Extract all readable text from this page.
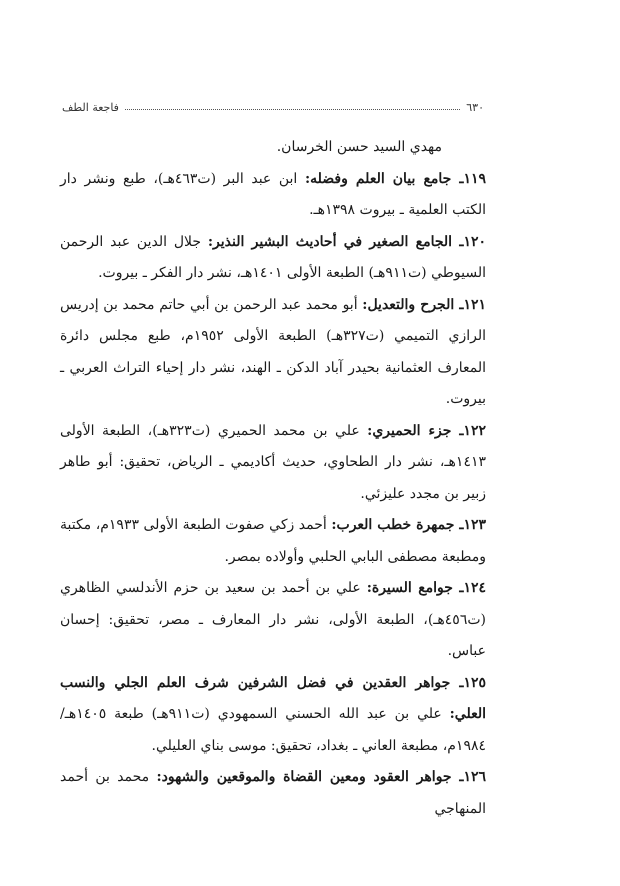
٦٣٠
فاجعة الطف

مهدي السيد حسن الخرسان.

١١٩ـ جامع بيان العلم وفضله: ابن عبد البر (ت٤٦٣هـ)، طبع ونشر دار الكتب العلمية ـ بيروت ١٣٩٨هـ.

١٢٠ـ الجامع الصغير في أحاديث البشير النذير: جلال الدين عبد الرحمن السيوطي (ت٩١١هـ) الطبعة الأولى ١٤٠١هـ، نشر دار الفكر ـ بيروت.

١٢١ـ الجرح والتعديل: أبو محمد عبد الرحمن بن أبي حاتم محمد بن إدريس الرازي التميمي (ت٣٢٧هـ) الطبعة الأولى ١٩٥٢م، طبع مجلس دائرة المعارف العثمانية بحيدر آباد الدكن ـ الهند، نشر دار إحياء التراث العربي ـ بيروت.

١٢٢ـ جزء الحميري: علي بن محمد الحميري (ت٣٢٣هـ)، الطبعة الأولى ١٤١٣هـ، نشر دار الطحاوي، حديث أكاديمي ـ الرياض، تحقيق: أبو طاهر زبير بن مجدد عليزئي.

١٢٣ـ جمهرة خطب العرب: أحمد زكي صفوت الطبعة الأولى ١٩٣٣م، مكتبة ومطبعة مصطفى البابي الحلبي وأولاده بمصر.

١٢٤ـ جوامع السيرة: علي بن أحمد بن سعيد بن حزم الأندلسي الظاهري (ت٤٥٦هـ)، الطبعة الأولى، نشر دار المعارف ـ مصر، تحقيق: إحسان عباس.

١٢٥ـ جواهر العقدين في فضل الشرفين شرف العلم الجلي والنسب العلي: علي بن عبد الله الحسني السمهودي (ت٩١١هـ) طبعة ١٤٠٥هـ/ ١٩٨٤م، مطبعة العاني ـ بغداد، تحقيق: موسى بناي العليلي.

١٢٦ـ جواهر العقود ومعين القضاة والموقعين والشهود: محمد بن أحمد المنهاجي
